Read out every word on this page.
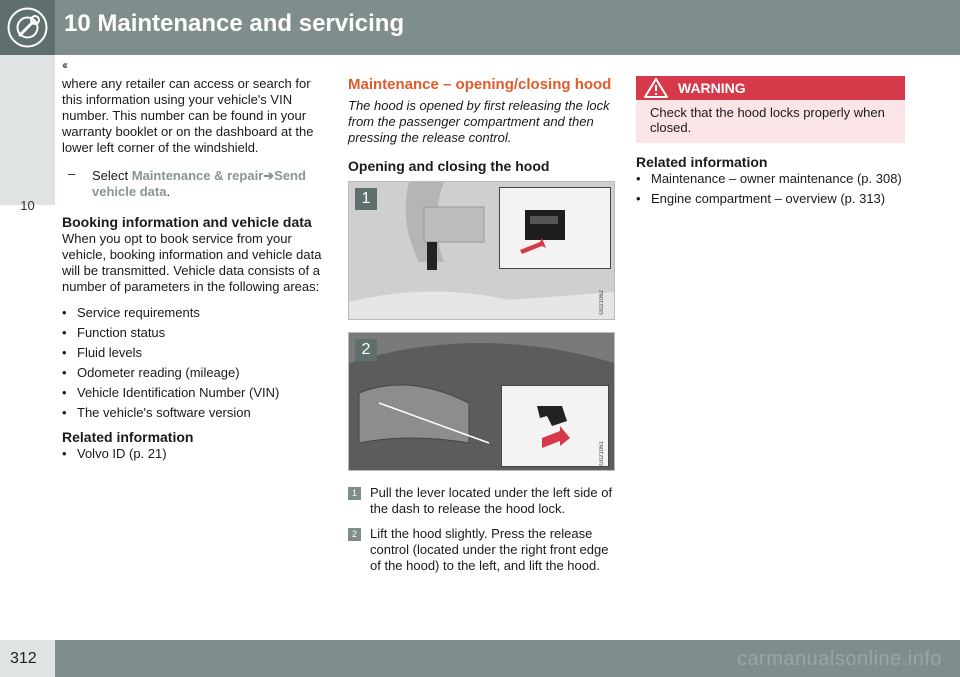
10 Maintenance and servicing
10
‹‹

where any retailer can access or search for this information using your vehicle's VIN number. This number can be found in your warranty booklet or on the dashboard at the lower left corner of the windshield.

– Select Maintenance & repair➔Send vehicle data.
Booking information and vehicle data

When you opt to book service from your vehicle, booking information and vehicle data will be transmitted. Vehicle data consists of a number of parameters in the following areas:

• Service requirements
• Function status
• Fluid levels
• Odometer reading (mileage)
• Vehicle Identification Number (VIN)
• The vehicle's software version
Related information
• Volvo ID (p. 21)
Maintenance – opening/closing hood

The hood is opened by first releasing the lock from the passenger compartment and then pressing the release control.

Opening and closing the hood
1
G021062
2
G021061
1	Pull the lever located under the left side of the dash to release the hood lock.
2	Lift the hood slightly. Press the release control (located under the right front edge of the hood) to the left, and lift the hood.
WARNING
Check that the hood locks properly when closed.
Related information
• Maintenance – owner maintenance (p. 308)
• Engine compartment – overview (p. 313)
312	carmanualsonline.info
